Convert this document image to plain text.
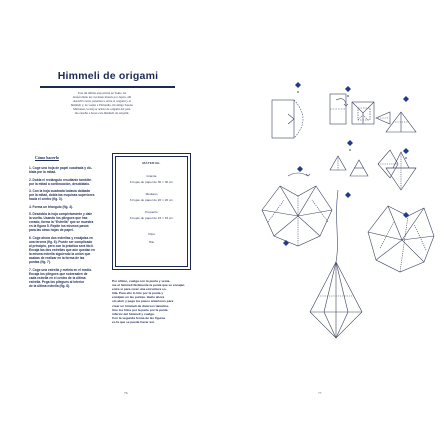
Himmeli de origami
Tras mi última exposición en Tokio, he
desarrollado un creciente interés por Japón, allí
descubrí cierto parentesco entre el origami y el
himmeli y, de vuelta a Finlandia, mi amiga Satoko
Mattonen, la mayor artista de origami del país,
me enseñó a hacer este himmeli de origami.
Cómo hacerlo
1. Coge una hoja de papel cuadrada y dó-
blala por la mitad.
2. Dobla el rectángulo resultante también
por la mitad a continuación, desdóblalo.
3. Con la hoja cuadrada todavía doblada
por la mitad, dobla las esquinas superiores
hacia el centro (fig. 3).
4. Forma un triángulo (fig. 4).
5. Desdobla la hoja completamente y dale
la vuelta. Usando los pliegues que has
creado, forma la "Estrella" que se muestra
en la figura 5. Repite los mismos pasos
para las otras hojas de papel.
6. Coge ahora dos estrellas y encájalas en
una tercera (fig. 6). Puede ser complicado
al principio, pero con la práctica será fácil.
Encaja las dos estrellas que aún quedan en
la misma estrella siguiendo la unión que
acabas de realizar en la forma de las
puntas (fig. 7).
7. Coge una estrella y métela en el medio.
Encaja los pliegues que sobresalen de
cada estrella en el centro de la última
estrella. Pega los pliegues al interior
de la última estrella (fig. 8).
MATERIAL
Grande
6 hojas de papel de 30 × 30 cm
Mediano
6 hojas de papel de 20 × 20 cm
Pequeño
6 hojas de papel de 15 × 15 cm
Clips
Hilo
Por último, cuelga con la punta y sesta-
me el himmeli fácilmente la punta que se encajan
entre sí para crear una estructura so-
lida. Para ello lo hilo por la punta y
encájalo en las puntas. Hazlo ahora
sin abrir y pega los pasos anteriores para
crear un himmeli de diversos tamaños.
Une los hilos por la parte por la punta
inferior del himmeli y cuelga.
Con la segunda forma de las figuras
es la que se puede hacer así.
76	77
